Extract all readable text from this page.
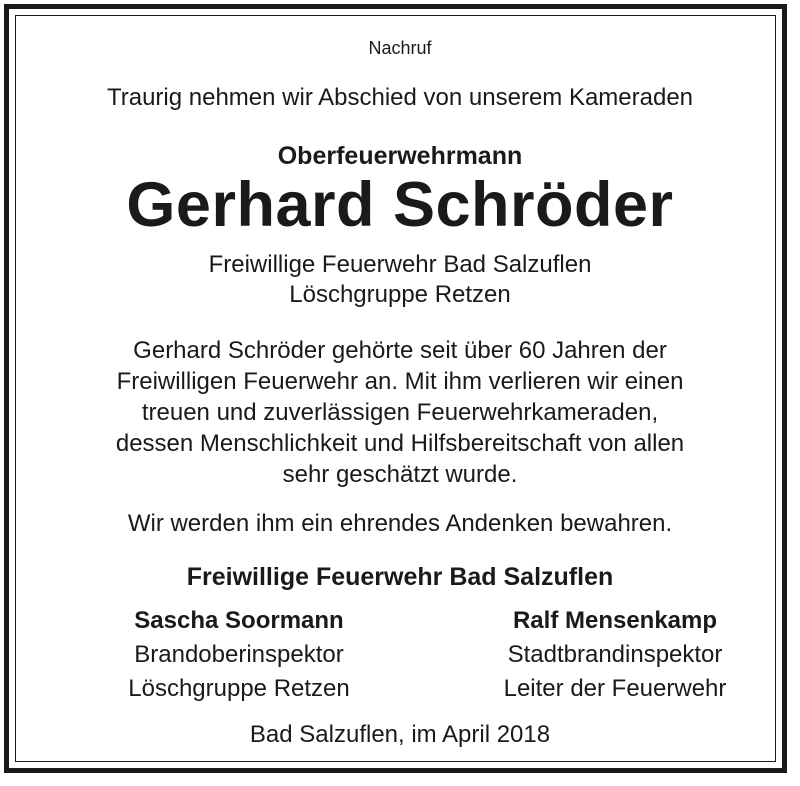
Nachruf
Traurig nehmen wir Abschied von unserem Kameraden
Oberfeuerwehrmann
Gerhard Schröder
Freiwillige Feuerwehr Bad Salzuflen
Löschgruppe Retzen
Gerhard Schröder gehörte seit über 60 Jahren der
Freiwilligen Feuerwehr an. Mit ihm verlieren wir einen
treuen und zuverlässigen Feuerwehrkameraden,
dessen Menschlichkeit und Hilfsbereitschaft von allen
sehr geschätzt wurde.
Wir werden ihm ein ehrendes Andenken bewahren.
Freiwillige Feuerwehr Bad Salzuflen
Sascha Soormann
Brandoberinspektor
Löschgruppe Retzen
Ralf Mensenkamp
Stadtbrandinspektor
Leiter der Feuerwehr
Bad Salzuflen, im April 2018
